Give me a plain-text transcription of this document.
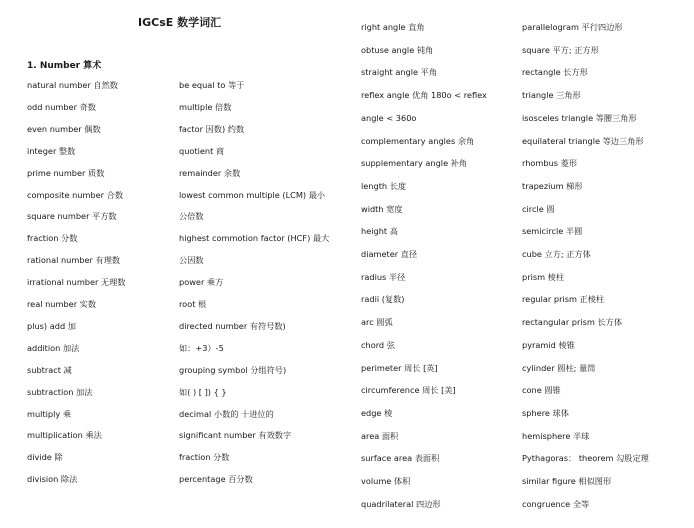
IGCsE 数学词汇
1. Number 算术
natural number 自然数
odd number 奇数
even number 偶数
integer 整数
prime number 质数
composite number 合数
square number 平方数
fraction 分数
rational number 有理数
irrational number 无理数
real number 实数
plus) add 加
addition 加法
subtract 减
subtraction 加法
multiply 乘
multiplication 乘法
divide 除
division 除法
be equal to 等于
multiple 倍数
factor 因数) 约数
quotient 商
remainder 余数
lowest common multiple (LCM) 最小
公倍数
highest commotion factor (HCF) 最大
公因数
power 乘方
root 根
directed number 有符号数)
如：+3）-5
grouping symbol 分组符号)
如( ) [ ]) { }
decimal 小数的 十进位的
significant number 有效数字
fraction 分数
percentage 百分数
right angle 直角
obtuse angle 钝角
straight angle 平角
reflex angle 优角 180o < reflex
angle < 360o
complementary angles 余角
supplementary angle 补角
length 长度
width 宽度
height 高
diameter 直径
radius 半径
radii (复数)
arc 圆弧
chord 弦
perimeter 周长 [英]
circumference 周长 [美]
edge 棱
area 面积
surface area 表面积
volume 体积
quadrilateral 四边形
parallelogram 平行四边形
square 平方; 正方形
rectangle 长方形
triangle 三角形
isosceles triangle 等腰三角形
equilateral triangle 等边三角形
rhombus 菱形
trapezium 梯形
circle 圆
semicircle 半圆
cube 立方; 正方体
prism 棱柱
regular prism 正棱柱
rectangular prism 长方体
pyramid 棱锥
cylinder 圆柱; 量筒
cone 圆锥
sphere 球体
hemisphere 半球
Pythagoras： theorem 勾股定理
similar figure 相似图形
congruence 全等
